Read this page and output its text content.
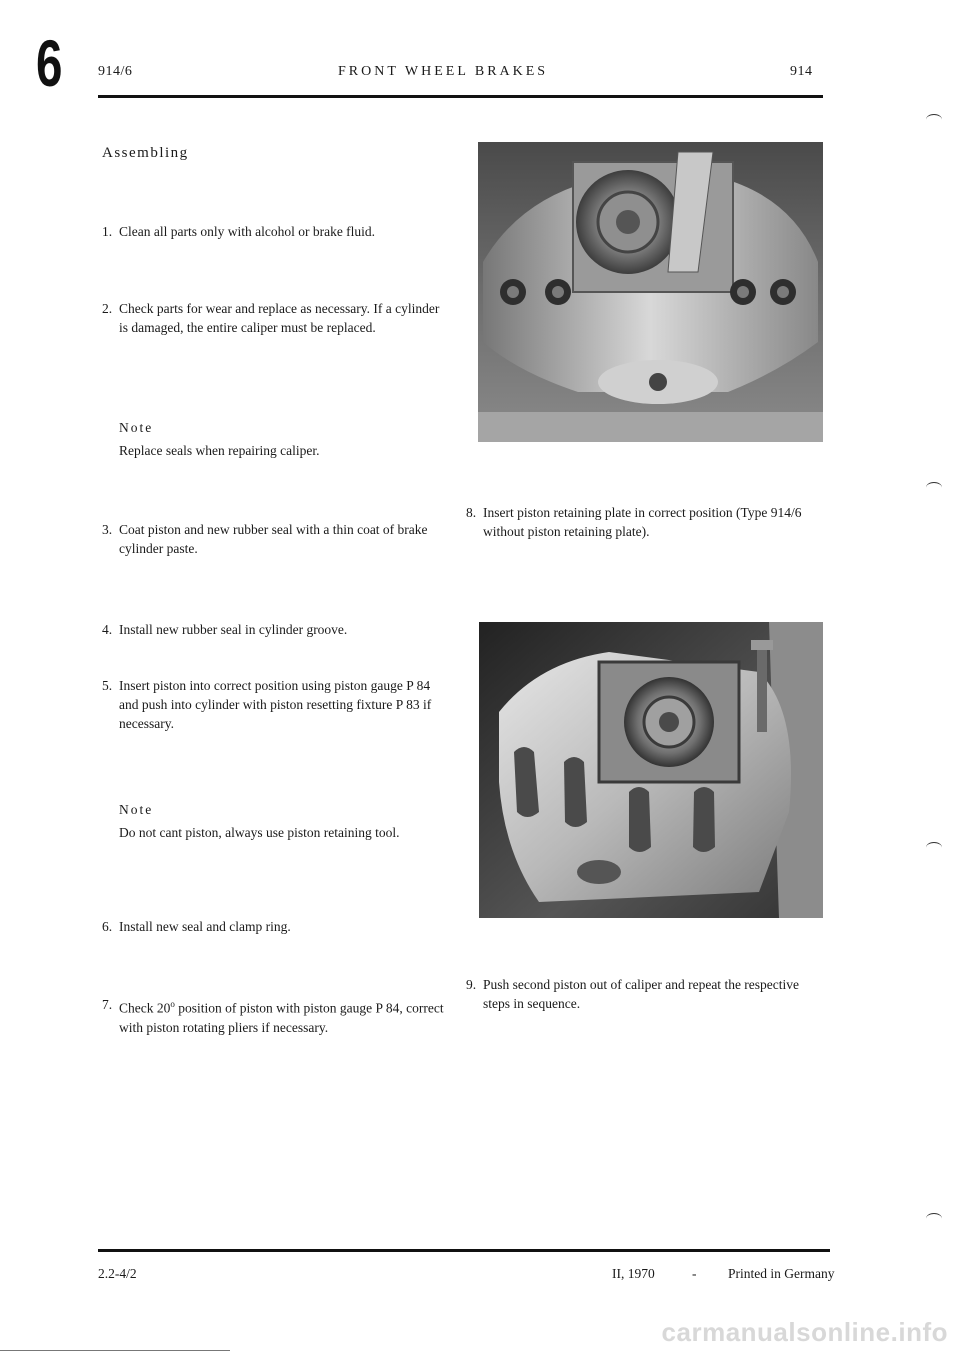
6	914/6	FRONT WHEEL BRAKES	914
Assembling
1. Clean all parts only with alcohol or brake fluid.
2. Check parts for wear and replace as necessary. If a cylinder is damaged, the entire caliper must be replaced.
Note
Replace seals when repairing caliper.
3. Coat piston and new rubber seal with a thin coat of brake cylinder paste.
4. Install new rubber seal in cylinder groove.
5. Insert piston into correct position using piston gauge P 84 and push into cylinder with piston resetting fixture P 83 if necessary.
Note
Do not cant piston, always use piston retaining tool.
6. Install new seal and clamp ring.
7. Check 20$^o$ position of piston with piston gauge P 84, correct with piston rotating pliers if necessary.
8. Insert piston retaining plate in correct position (Type 914/6 without piston retaining plate).
9. Push second piston out of caliper and repeat the respective steps in sequence.
2.2-4/2	II, 1970	- Printed in Germany
carmanualsonline.info
